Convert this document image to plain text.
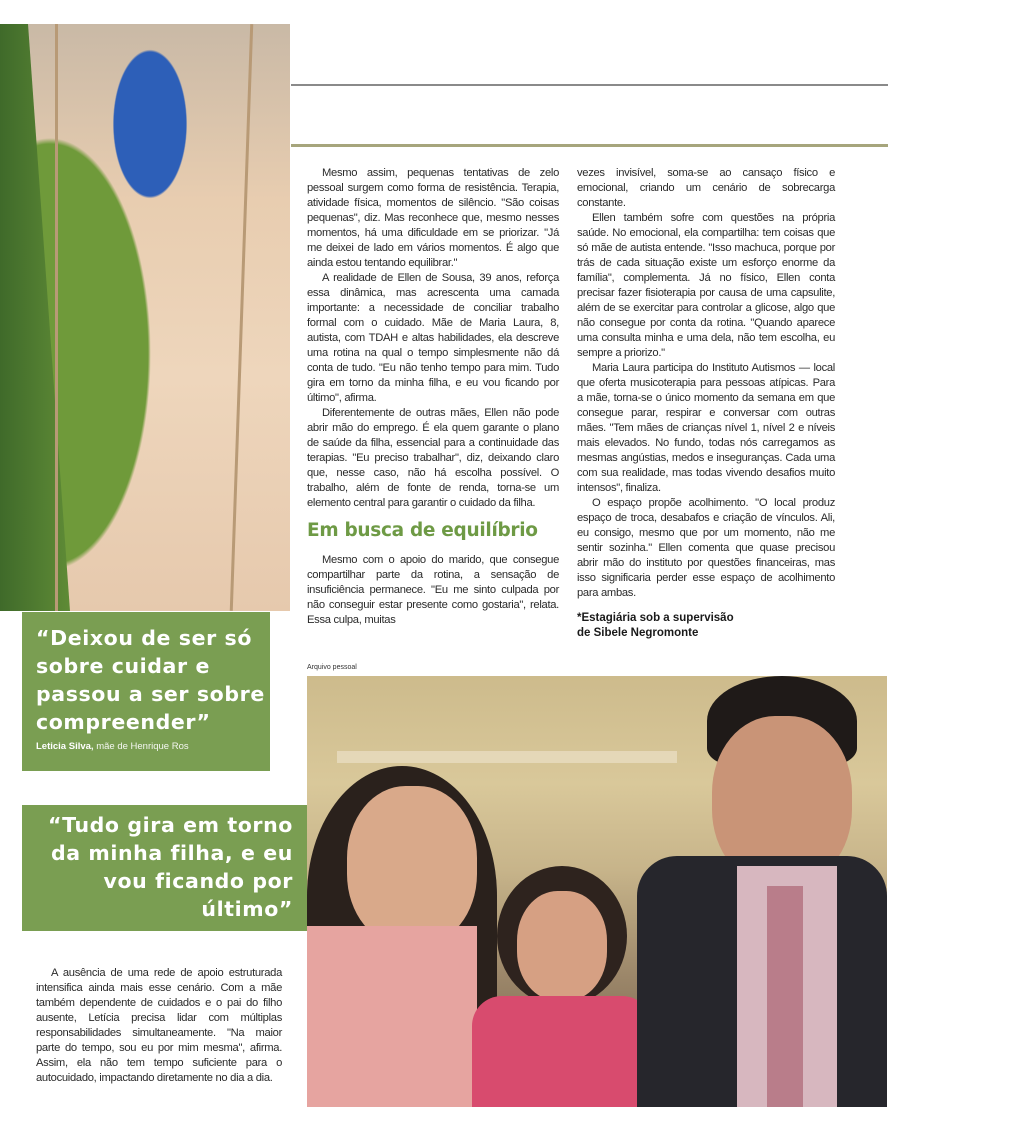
Mesmo assim, pequenas tentativas de zelo pessoal surgem como forma de resistência. Terapia, atividade física, momentos de silêncio. "São coisas pequenas", diz. Mas reconhece que, mesmo nesses momentos, há uma dificuldade em se priorizar. "Já me deixei de lado em vários momentos. É algo que ainda estou tentando equilibrar."

A realidade de Ellen de Sousa, 39 anos, reforça essa dinâmica, mas acrescenta uma camada importante: a necessidade de conciliar trabalho formal com o cuidado. Mãe de Maria Laura, 8, autista, com TDAH e altas habilidades, ela descreve uma rotina na qual o tempo simplesmente não dá conta de tudo. "Eu não tenho tempo para mim. Tudo gira em torno da minha filha, e eu vou ficando por último", afirma.

Diferentemente de outras mães, Ellen não pode abrir mão do emprego. É ela quem garante o plano de saúde da filha, essencial para a continuidade das terapias. "Eu preciso trabalhar", diz, deixando claro que, nesse caso, não há escolha possível. O trabalho, além de fonte de renda, torna-se um elemento central para garantir o cuidado da filha.

Em busca de equilíbrio

Mesmo com o apoio do marido, que consegue compartilhar parte da rotina, a sensação de insuficiência permanece. "Eu me sinto culpada por não conseguir estar presente como gostaria", relata. Essa culpa, muitas

vezes invisível, soma-se ao cansaço físico e emocional, criando um cenário de sobrecarga constante.

Ellen também sofre com questões na própria saúde. No emocional, ela compartilha: tem coisas que só mãe de autista entende. "Isso machuca, porque por trás de cada situação existe um esforço enorme da família", complementa. Já no físico, Ellen conta precisar fazer fisioterapia por causa de uma capsulite, além de se exercitar para controlar a glicose, algo que não consegue por conta da rotina. "Quando aparece uma consulta minha e uma dela, não tem escolha, eu sempre a priorizo."

Maria Laura participa do Instituto Autismos — local que oferta musicoterapia para pessoas atípicas. Para a mãe, torna-se o único momento da semana em que consegue parar, respirar e conversar com outras mães. "Tem mães de crianças nível 1, nível 2 e níveis mais elevados. No fundo, todas nós carregamos as mesmas angústias, medos e inseguranças. Cada uma com sua realidade, mas todas vivendo desafios muito intensos", finaliza.

O espaço propõe acolhimento. "O local produz espaço de troca, desabafos e criação de vínculos. Ali, eu consigo, mesmo que por um momento, não me sentir sozinha." Ellen comenta que quase precisou abrir mão do instituto por questões financeiras, mas isso significaria perder esse espaço de acolhimento para ambas.

*Estagiária sob a supervisão
de Sibele Negromonte
“Deixou de ser só sobre cuidar e passou a ser sobre compreender”
Leticia Silva, mãe de Henrique Ros
“Tudo gira em torno da minha filha, e eu vou ficando por último”
Ellen de Sousa, mãe de Maria Laura

A ausência de uma rede de apoio estruturada intensifica ainda mais esse cenário. Com a mãe também dependente de cuidados e o pai do filho ausente, Letícia precisa lidar com múltiplas responsabilidades simultaneamente. "Na maior parte do tempo, sou eu por mim mesma", afirma. Assim, ela não tem tempo suficiente para o autocuidado, impactando diretamente no dia a dia.

Arquivo pessoal
